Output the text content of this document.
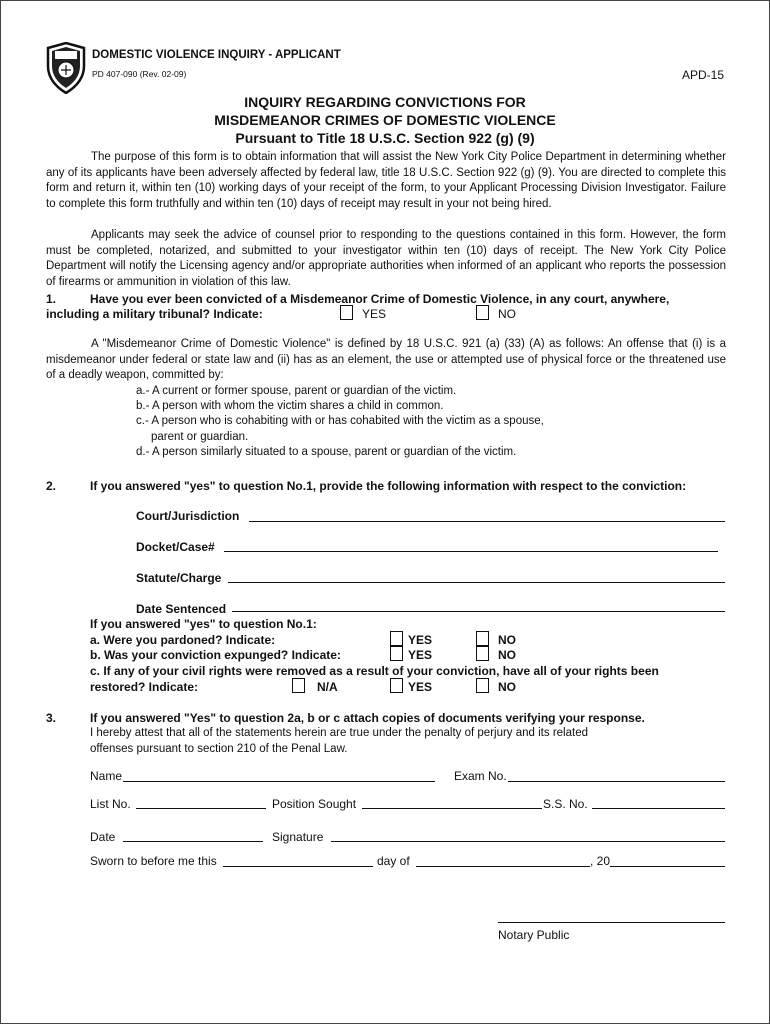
DOMESTIC VIOLENCE INQUIRY - APPLICANT
PD 407-090 (Rev. 02-09)	APD-15
INQUIRY REGARDING CONVICTIONS FOR
MISDEMEANOR CRIMES OF DOMESTIC VIOLENCE
Pursuant to Title 18 U.S.C. Section 922 (g) (9)
The purpose of this form is to obtain information that will assist the New York City Police Department in determining whether any of its applicants have been adversely affected by federal law, title 18 U.S.C. Section 922 (g) (9). You are directed to complete this form and return it, within ten (10) working days of your receipt of the form, to your Applicant Processing Division Investigator. Failure to complete this form truthfully and within ten (10) days of receipt may result in your not being hired.
Applicants may seek the advice of counsel prior to responding to the questions contained in this form. However, the form must be completed, notarized, and submitted to your investigator within ten (10) days of receipt. The New York City Police Department will notify the Licensing agency and/or appropriate authorities when informed of an applicant who reports the possession of firearms or ammunition in violation of this law.
1.	Have you ever been convicted of a Misdemeanor Crime of Domestic Violence, in any court, anywhere,
including a military tribunal? Indicate:	YES	NO
A "Misdemeanor Crime of Domestic Violence" is defined by 18 U.S.C. 921 (a) (33) (A) as follows: An offense that (i) is a misdemeanor under federal or state law and (ii) has as an element, the use or attempted use of physical force or the threatened use of a deadly weapon, committed by:
a.- A current or former spouse, parent or guardian of the victim.
b.- A person with whom the victim shares a child in common.
c.- A person who is cohabiting with or has cohabited with the victim as a spouse,
parent or guardian.
d.- A person similarly situated to a spouse, parent or guardian of the victim.
2.	If you answered "yes" to question No.1, provide the following information with respect to the conviction:
Court/Jurisdiction
Docket/Case#
Statute/Charge
Date Sentenced
If you answered "yes" to question No.1:
a. Were you pardoned? Indicate:	YES	NO
b. Was your conviction expunged? Indicate:	YES	NO
c. If any of your civil rights were removed as a result of your conviction, have all of your rights been
restored? Indicate:	N/A	YES	NO
3.	If you answered "Yes" to question 2a, b or c attach copies of documents verifying your response.
I hereby attest that all of the statements herein are true under the penalty of perjury and its related
offenses pursuant to section 210 of the Penal Law.
Name	Exam No.
List No.	Position Sought	S.S. No.
Date	Signature
Sworn to before me this	day of	, 20
Notary Public
